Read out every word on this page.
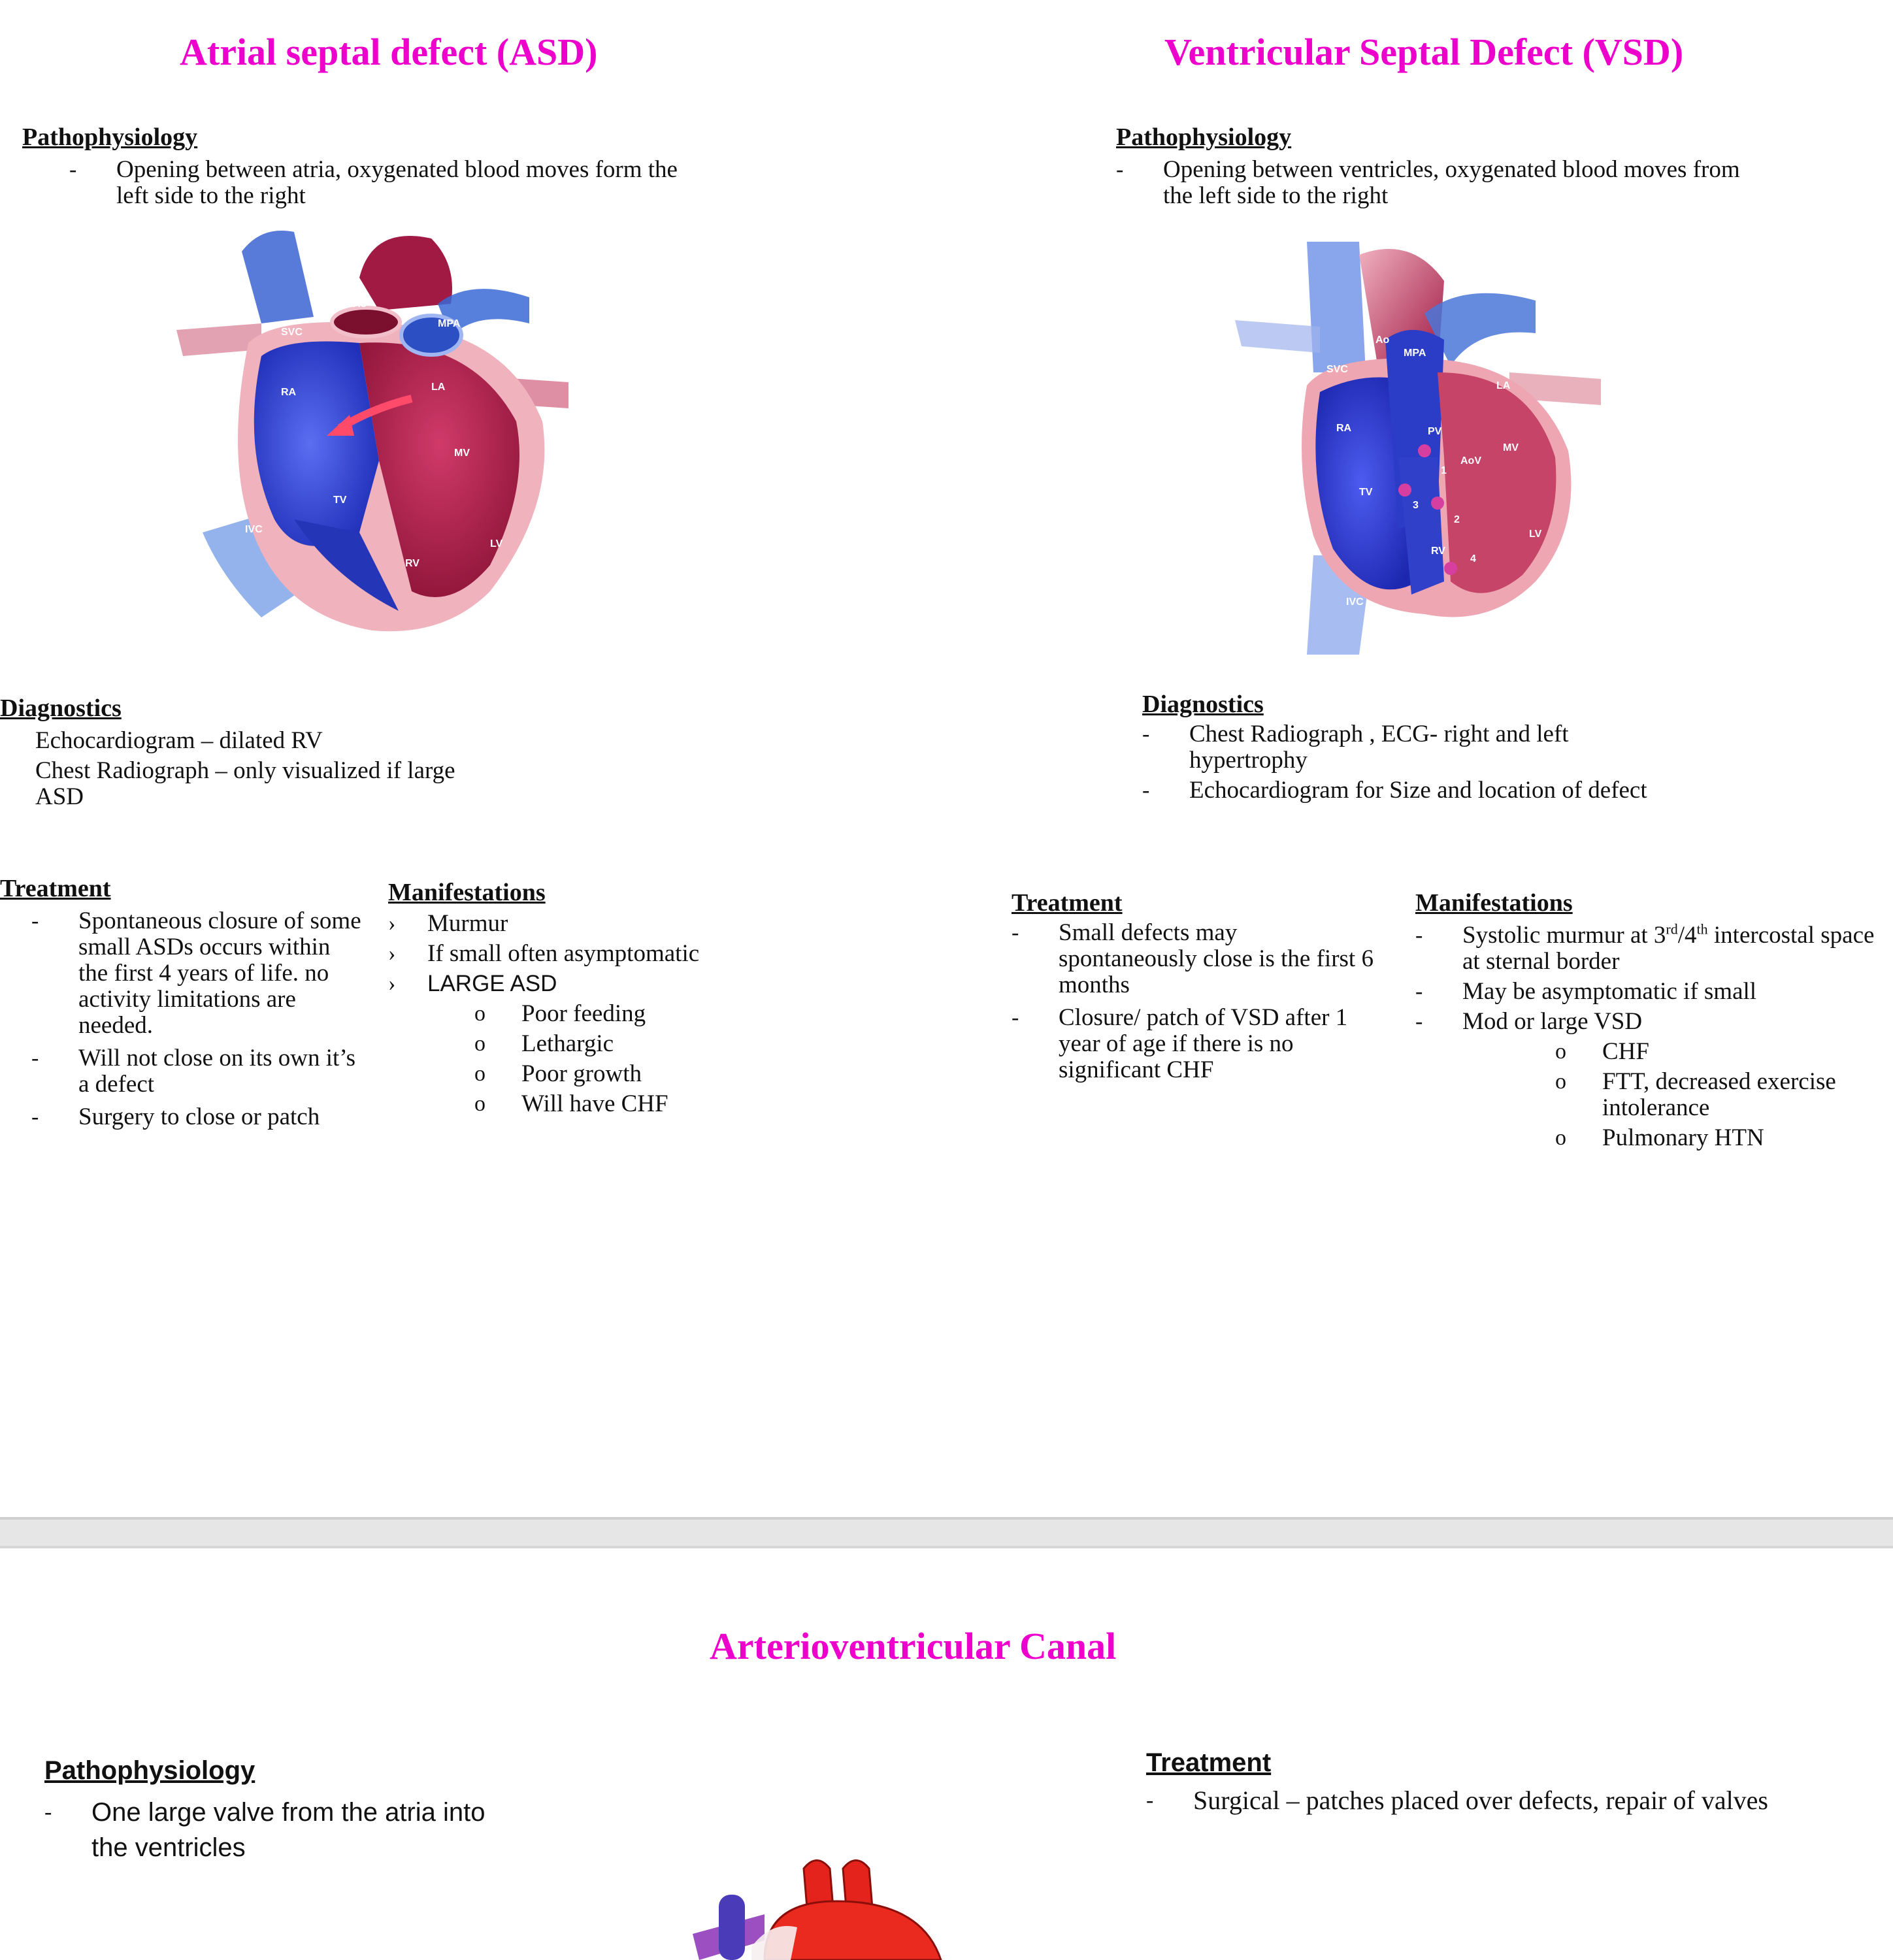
Atrial septal defect (ASD)
Pathophysiology
- Opening between atria, oxygenated blood moves form the left side to the right
Ao
SVC
MPA
RA	LA
MV
TV
IVC
RV
LV
Diagnostics
Echocardiogram – dilated RV
Chest Radiograph – only visualized if large ASD
Treatment
- Spontaneous closure of some small ASDs occurs within the first 4 years of life. no activity limitations are needed.
- Will not close on its own it’s a defect
- Surgery to close or patch
Manifestations
› Murmur
› If small often asymptomatic
› LARGE ASD
o Poor feeding
o Lethargic
o Poor growth
o Will have CHF
Ventricular Septal Defect (VSD)
Pathophysiology
- Opening between ventricles, oxygenated blood moves from the left side to the right
Ao
SVC
MPA
LA
RA	PV
MV
AoV
TV
RV
LV
IVC
1
2
3
4
Diagnostics
- Chest Radiograph , ECG- right and left hypertrophy
- Echocardiogram for Size and location of defect
Treatment
- Small defects may spontaneously close is the first 6 months
- Closure/ patch of VSD after 1 year of age if there is no significant CHF
Manifestations
- Systolic murmur at 3rd/4th intercostal space at sternal border
- May be asymptomatic if small
- Mod or large VSD
o CHF
o FTT, decreased exercise intolerance
o Pulmonary HTN
Arterioventricular Canal
Pathophysiology
- One large valve from the atria into the ventricles
Treatment
- Surgical – patches placed over defects, repair of valves
